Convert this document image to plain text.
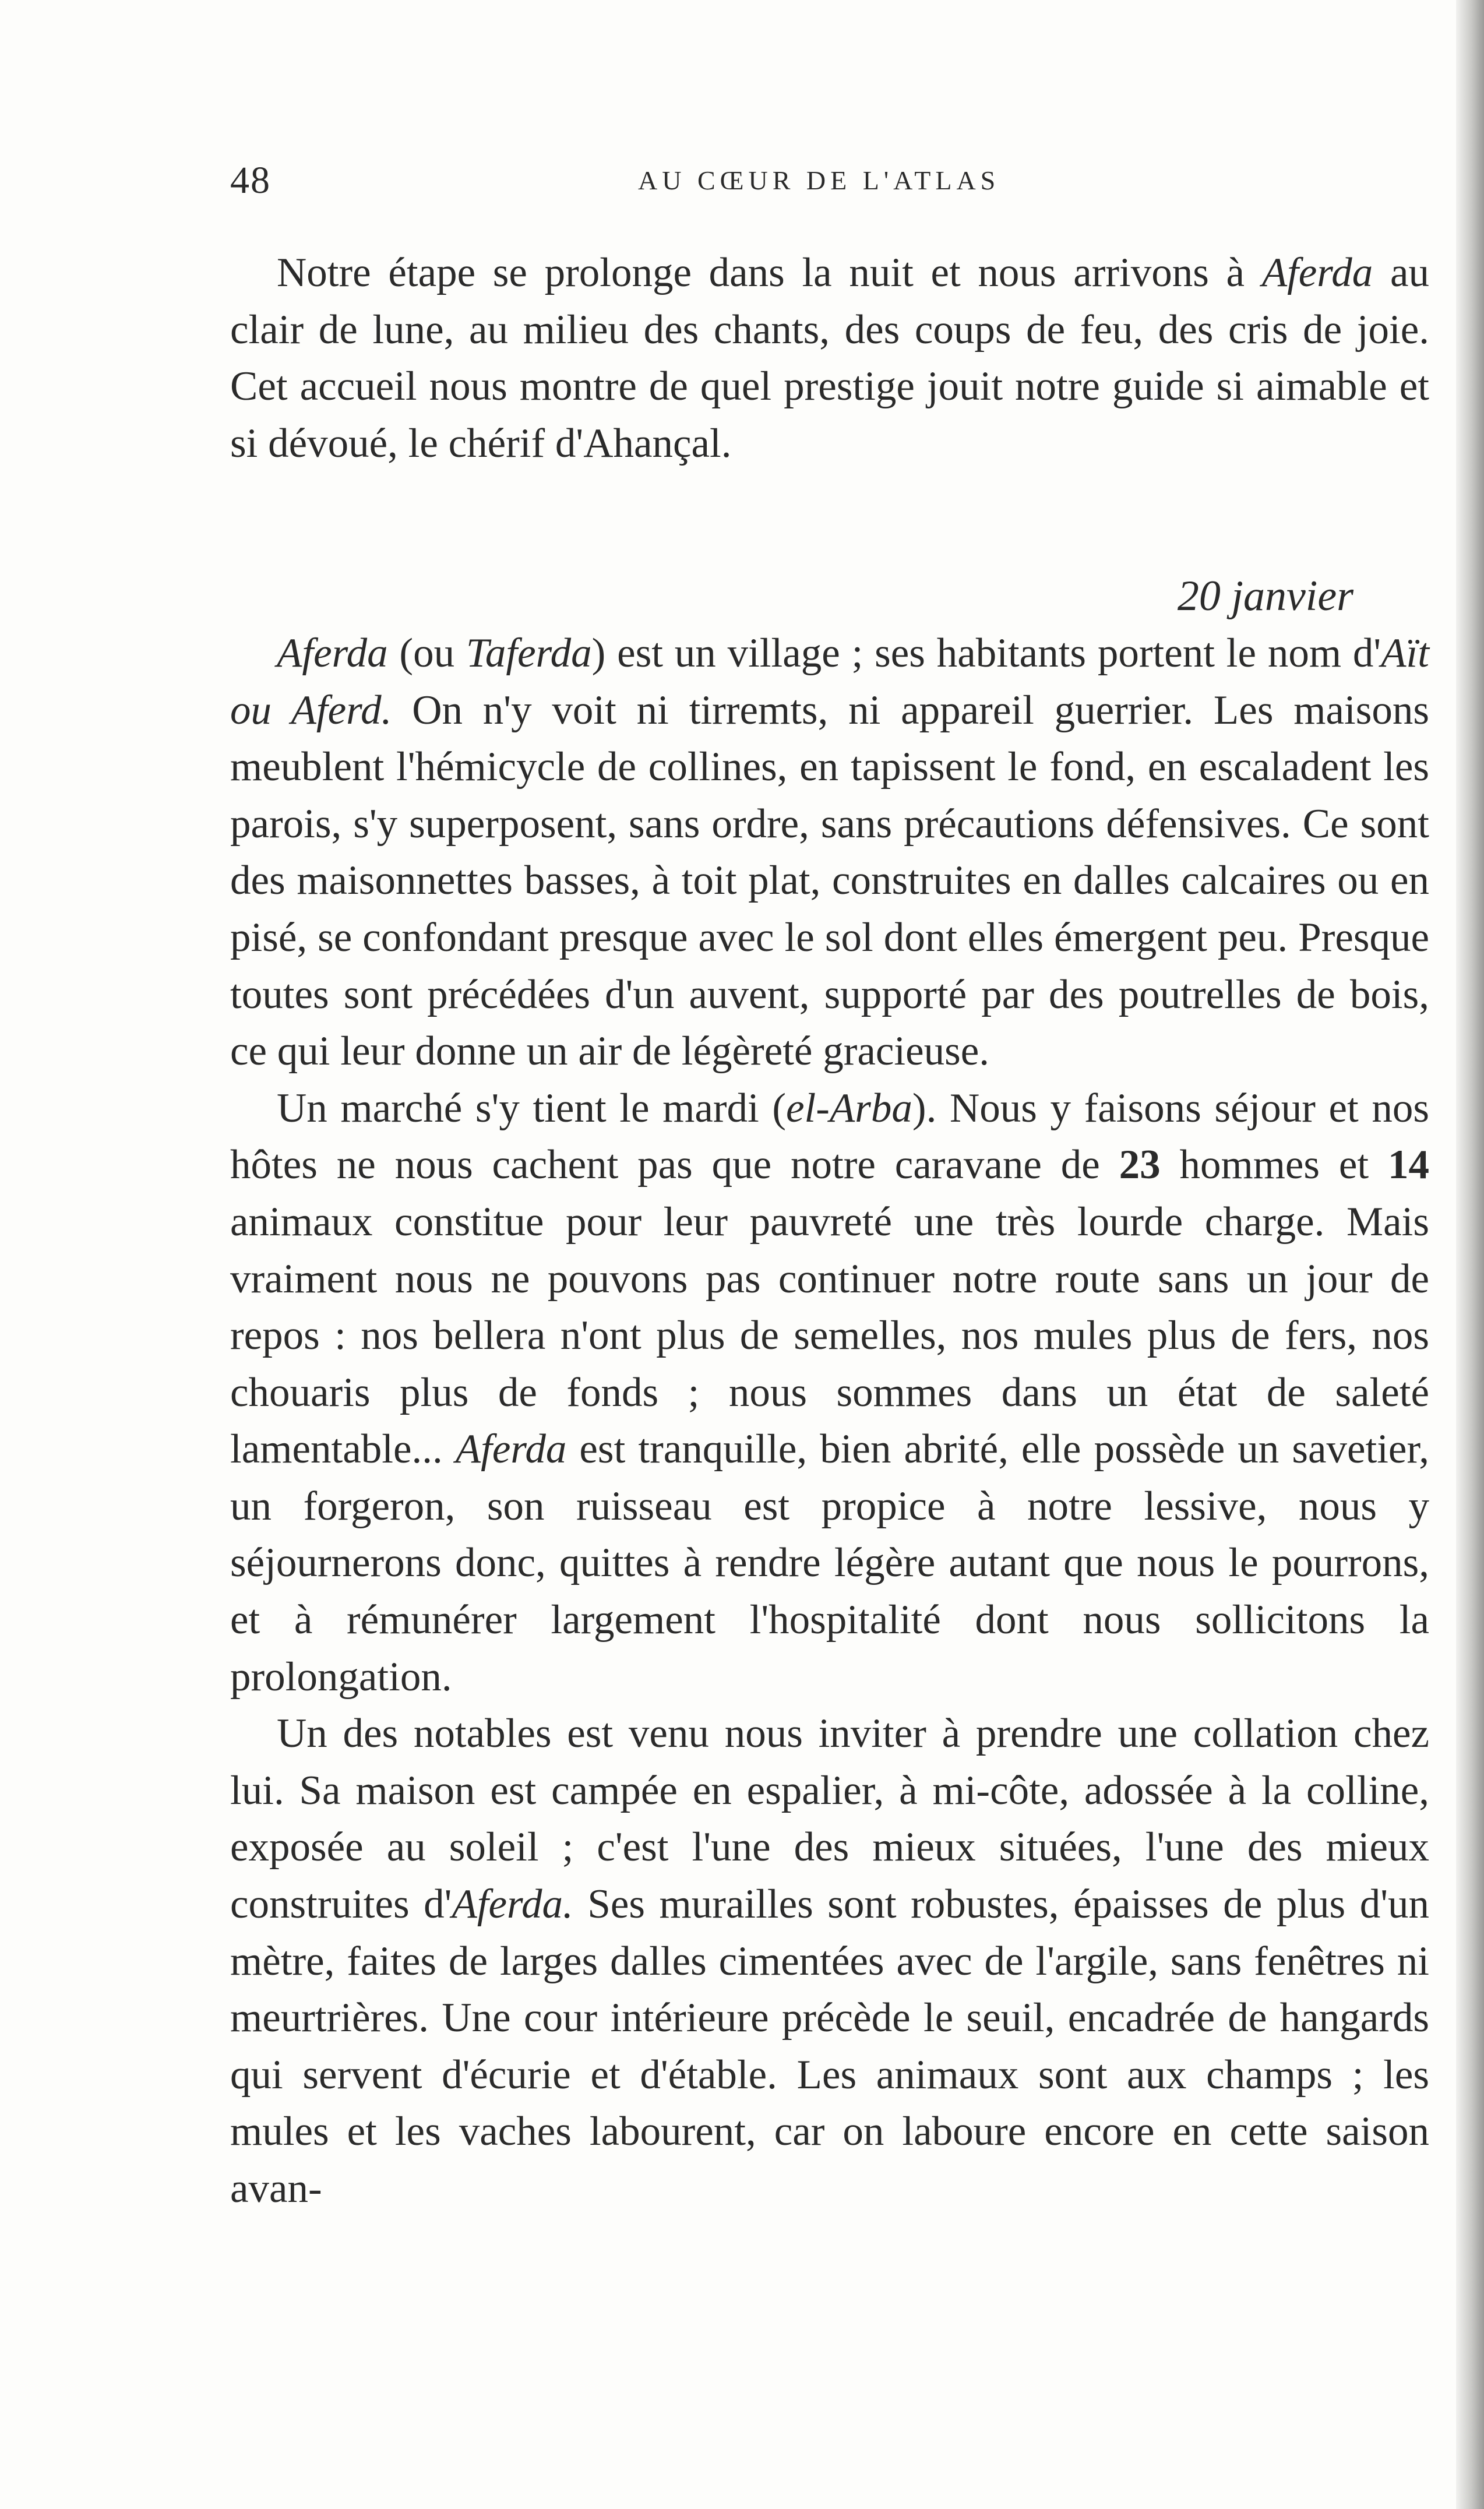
48	AU CŒUR DE L'ATLAS

Notre étape se prolonge dans la nuit et nous arrivons à Aferda au clair de lune, au milieu des chants, des coups de feu, des cris de joie. Cet accueil nous montre de quel prestige jouit notre guide si aimable et si dévoué, le chérif d'Ahançal.

20 janvier

Aferda (ou Taferda) est un village ; ses habitants portent le nom d'Aït ou Aferd. On n'y voit ni tirremts, ni appareil guerrier. Les maisons meublent l'hémicycle de collines, en tapissent le fond, en escaladent les parois, s'y superposent, sans ordre, sans précautions défensives. Ce sont des maisonnettes basses, à toit plat, construites en dalles calcaires ou en pisé, se confondant presque avec le sol dont elles émergent peu. Presque toutes sont précédées d'un auvent, supporté par des poutrelles de bois, ce qui leur donne un air de légèreté gracieuse.

Un marché s'y tient le mardi (el-Arba). Nous y faisons séjour et nos hôtes ne nous cachent pas que notre caravane de 23 hommes et 14 animaux constitue pour leur pauvreté une très lourde charge. Mais vraiment nous ne pouvons pas continuer notre route sans un jour de repos : nos bellera n'ont plus de semelles, nos mules plus de fers, nos chouaris plus de fonds ; nous sommes dans un état de saleté lamentable... Aferda est tranquille, bien abrité, elle possède un savetier, un forgeron, son ruisseau est propice à notre lessive, nous y séjournerons donc, quittes à rendre légère autant que nous le pourrons, et à rémunérer largement l'hospitalité dont nous sollicitons la prolongation.

Un des notables est venu nous inviter à prendre une collation chez lui. Sa maison est campée en espalier, à mi-côte, adossée à la colline, exposée au soleil ; c'est l'une des mieux situées, l'une des mieux construites d'Aferda. Ses murailles sont robustes, épaisses de plus d'un mètre, faites de larges dalles cimentées avec de l'argile, sans fenêtres ni meurtrières. Une cour intérieure précède le seuil, encadrée de hangards qui servent d'écurie et d'étable. Les animaux sont aux champs ; les mules et les vaches labourent, car on laboure encore en cette saison avan-
